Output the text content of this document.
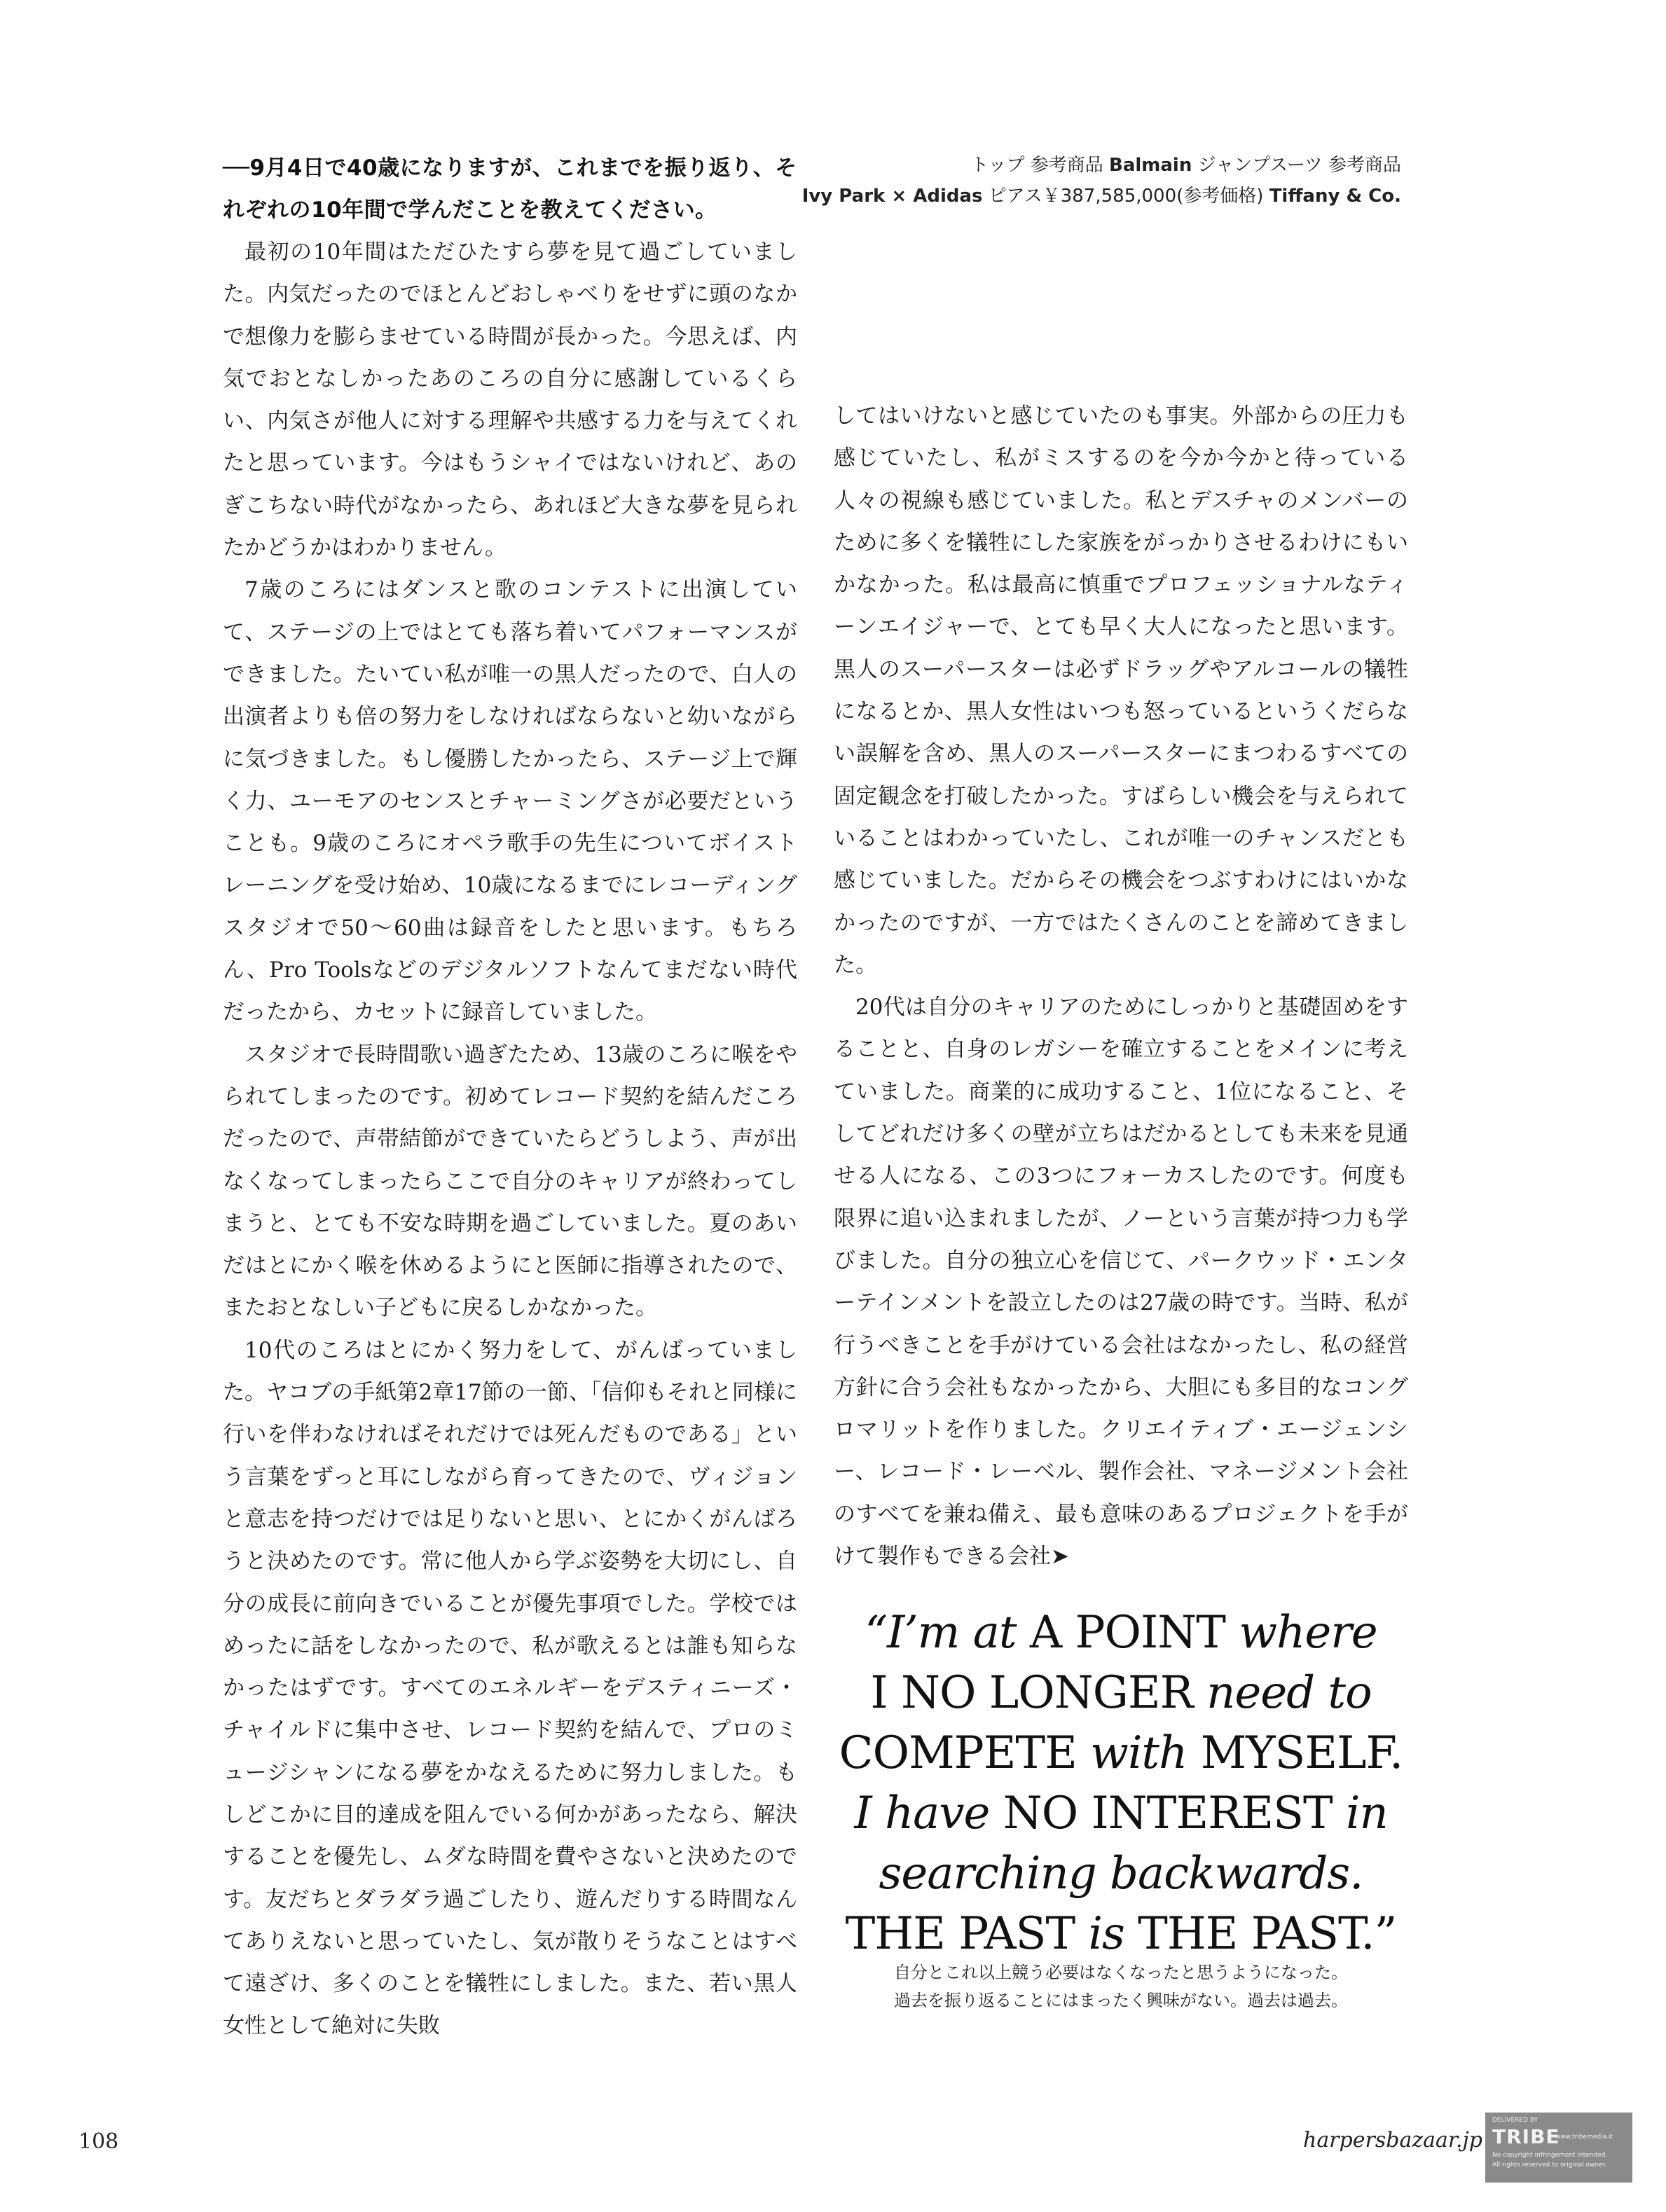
トップ 参考商品 Balmain ジャンプスーツ 参考商品
Ivy Park × Adidas ピアス￥387,585,000(参考価格) Tiffany & Co.
──9月4日で40歳になりますが、これまでを振り返り、それぞれの10年間で学んだことを教えてください。

最初の10年間はただひたすら夢を見て過ごしていました。内気だったのでほとんどおしゃべりをせずに頭のなかで想像力を膨らませている時間が長かった。今思えば、内気でおとなしかったあのころの自分に感謝しているくらい、内気さが他人に対する理解や共感する力を与えてくれたと思っています。今はもうシャイではないけれど、あのぎこちない時代がなかったら、あれほど大きな夢を見られたかどうかはわかりません。

7歳のころにはダンスと歌のコンテストに出演していて、ステージの上ではとても落ち着いてパフォーマンスができました。たいてい私が唯一の黒人だったので、白人の出演者よりも倍の努力をしなければならないと幼いながらに気づきました。もし優勝したかったら、ステージ上で輝く力、ユーモアのセンスとチャーミングさが必要だということも。9歳のころにオペラ歌手の先生についてボイストレーニングを受け始め、10歳になるまでにレコーディングスタジオで50〜60曲は録音をしたと思います。もちろん、Pro Toolsなどのデジタルソフトなんてまだない時代だったから、カセットに録音していました。

スタジオで長時間歌い過ぎたため、13歳のころに喉をやられてしまったのです。初めてレコード契約を結んだころだったので、声帯結節ができていたらどうしよう、声が出なくなってしまったらここで自分のキャリアが終わってしまうと、とても不安な時期を過ごしていました。夏のあいだはとにかく喉を休めるようにと医師に指導されたので、またおとなしい子どもに戻るしかなかった。

10代のころはとにかく努力をして、がんばっていました。ヤコブの手紙第2章17節の一節、「信仰もそれと同様に行いを伴わなければそれだけでは死んだものである」という言葉をずっと耳にしながら育ってきたので、ヴィジョンと意志を持つだけでは足りないと思い、とにかくがんばろうと決めたのです。常に他人から学ぶ姿勢を大切にし、自分の成長に前向きでいることが優先事項でした。学校ではめったに話をしなかったので、私が歌えるとは誰も知らなかったはずです。すべてのエネルギーをデスティニーズ・チャイルドに集中させ、レコード契約を結んで、プロのミュージシャンになる夢をかなえるために努力しました。もしどこかに目的達成を阻んでいる何かがあったなら、解決することを優先し、ムダな時間を費やさないと決めたのです。友だちとダラダラ過ごしたり、遊んだりする時間なんてありえないと思っていたし、気が散りそうなことはすべて遠ざけ、多くのことを犠牲にしました。また、若い黒人女性として絶対に失敗

してはいけないと感じていたのも事実。外部からの圧力も感じていたし、私がミスするのを今か今かと待っている人々の視線も感じていました。私とデスチャのメンバーのために多くを犠牲にした家族をがっかりさせるわけにもいかなかった。私は最高に慎重でプロフェッショナルなティーンエイジャーで、とても早く大人になったと思います。黒人のスーパースターは必ずドラッグやアルコールの犠牲になるとか、黒人女性はいつも怒っているというくだらない誤解を含め、黒人のスーパースターにまつわるすべての固定観念を打破したかった。すばらしい機会を与えられていることはわかっていたし、これが唯一のチャンスだとも感じていました。だからその機会をつぶすわけにはいかなかったのですが、一方ではたくさんのことを諦めてきました。

20代は自分のキャリアのためにしっかりと基礎固めをすることと、自身のレガシーを確立することをメインに考えていました。商業的に成功すること、1位になること、そしてどれだけ多くの壁が立ちはだかるとしても未来を見通せる人になる、この3つにフォーカスしたのです。何度も限界に追い込まれましたが、ノーという言葉が持つ力も学びました。自分の独立心を信じて、パークウッド・エンターテインメントを設立したのは27歳の時です。当時、私が行うべきことを手がけている会社はなかったし、私の経営方針に合う会社もなかったから、大胆にも多目的なコングロマリットを作りました。クリエイティブ・エージェンシー、レコード・レーベル、製作会社、マネージメント会社のすべてを兼ね備え、最も意味のあるプロジェクトを手がけて製作もできる会社➤

“I’m at A POINT where
I NO LONGER need to
COMPETE with MYSELF.
I have NO INTEREST in
searching backwards.
THE PAST is THE PAST.”
自分とこれ以上競う必要はなくなったと思うようになった。
過去を振り返ることにはまったく興味がない。過去は過去。
108	harpersbazaar.jp
DELIVERED BY
TRIBE
www.tribemedia.it
No copyright infringement intended.
All rights reserved to original owner.
